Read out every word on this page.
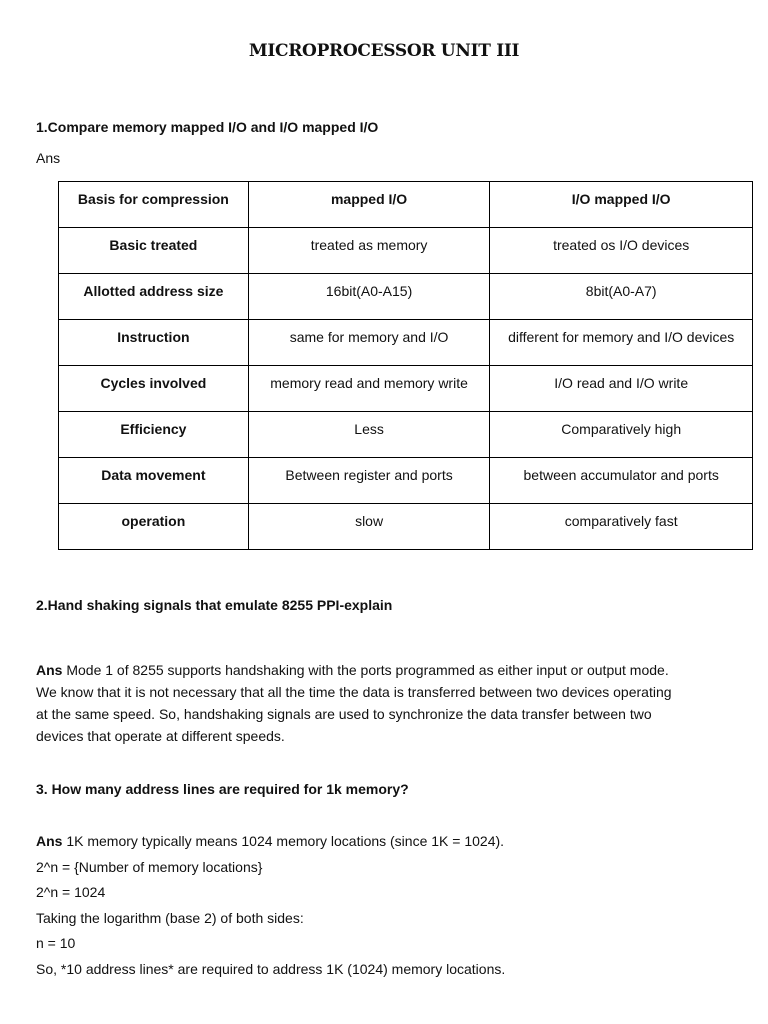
MICROPROCESSOR UNIT III
1.Compare memory mapped I/O and I/O mapped I/O
Ans
Basis for compression	mapped I/O	I/O mapped I/O
Basic treated	treated as memory	treated os I/O devices
Allotted address size	16bit(A0-A15)	8bit(A0-A7)
Instruction	same for memory and I/O	different for memory and I/O devices
Cycles involved	memory read and memory write	I/O read and I/O write
Efficiency	Less	Comparatively high
Data movement	Between register and ports	between accumulator and ports
operation	slow	comparatively fast
2.Hand shaking signals that emulate 8255 PPI-explain
Ans Mode 1 of 8255 supports handshaking with the ports programmed as either input or output mode.
We know that it is not necessary that all the time the data is transferred between two devices operating
at the same speed. So, handshaking signals are used to synchronize the data transfer between two
devices that operate at different speeds.
3. How many address lines are required for 1k memory?
Ans 1K memory typically means 1024 memory locations (since 1K = 1024).
2^n = {Number of memory locations}
2^n = 1024
Taking the logarithm (base 2) of both sides:
n = 10
So, *10 address lines* are required to address 1K (1024) memory locations.
